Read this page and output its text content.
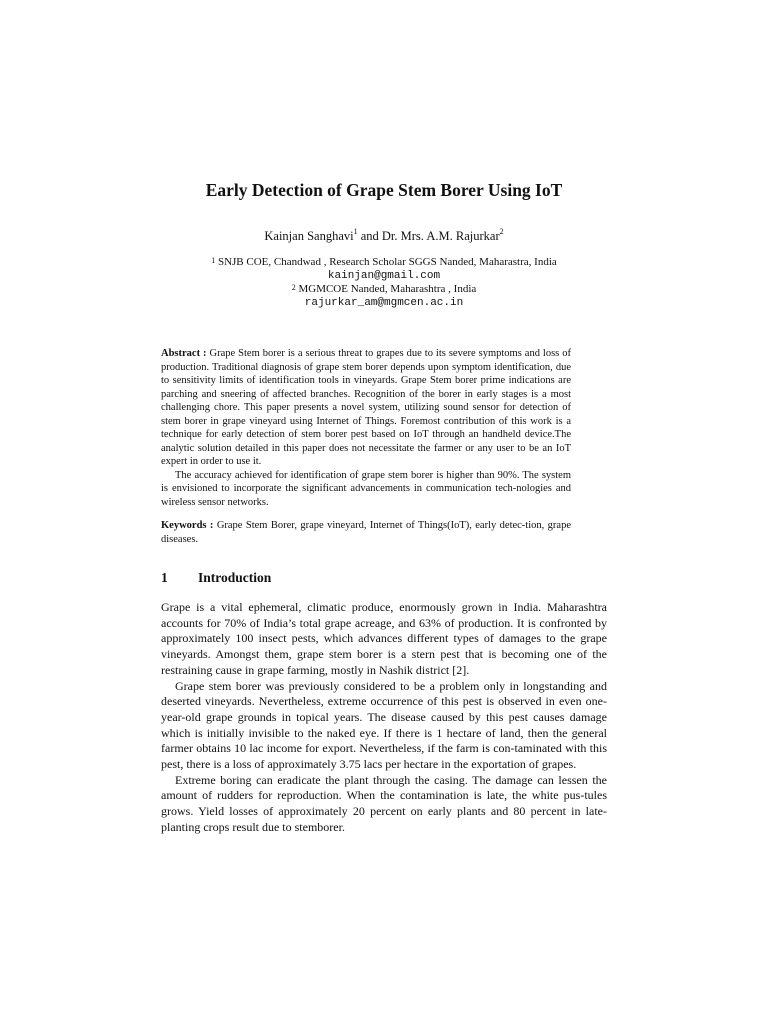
Early Detection of Grape Stem Borer Using IoT
Kainjan Sanghavi$^1$ and Dr. Mrs. A.M. Rajurkar$^2$
$^1$ SNJB COE, Chandwad , Research Scholar SGGS Nanded, Maharastra, India
kainjan@gmail.com
$^2$ MGMCOE Nanded, Maharashtra , India
rajurkar_am@mgmcen.ac.in

Abstract : Grape Stem borer is a serious threat to grapes due to its severe symptoms and loss of production. Traditional diagnosis of grape stem borer depends upon symptom identification, due to sensitivity limits of identification tools in vineyards. Grape Stem borer prime indications are parching and sneering of affected branches. Recognition of the borer in early stages is a most challenging chore. This paper presents a novel system, utilizing sound sensor for detection of stem borer in grape vineyard using Internet of Things. Foremost contribution of this work is a technique for early detection of stem borer pest based on IoT through an handheld device.The analytic solution detailed in this paper does not necessitate the farmer or any user to be an IoT expert in order to use it.

The accuracy achieved for identification of grape stem borer is higher than 90%. The system is envisioned to incorporate the significant advancements in communication tech-nologies and wireless sensor networks.

Keywords : Grape Stem Borer, grape vineyard, Internet of Things(IoT), early detec-tion, grape diseases.
1 Introduction

Grape is a vital ephemeral, climatic produce, enormously grown in India. Maharashtra accounts for 70% of India’s total grape acreage, and 63% of production. It is confronted by approximately 100 insect pests, which advances different types of damages to the grape vineyards. Amongst them, grape stem borer is a stern pest that is becoming one of the restraining cause in grape farming, mostly in Nashik district [2].

Grape stem borer was previously considered to be a problem only in longstanding and deserted vineyards. Nevertheless, extreme occurrence of this pest is observed in even one-year-old grape grounds in topical years. The disease caused by this pest causes damage which is initially invisible to the naked eye. If there is 1 hectare of land, then the general farmer obtains 10 lac income for export. Nevertheless, if the farm is con-taminated with this pest, there is a loss of approximately 3.75 lacs per hectare in the exportation of grapes.

Extreme boring can eradicate the plant through the casing. The damage can lessen the amount of rudders for reproduction. When the contamination is late, the white pus-tules grows. Yield losses of approximately 20 percent on early plants and 80 percent in late-planting crops result due to stemborer.
